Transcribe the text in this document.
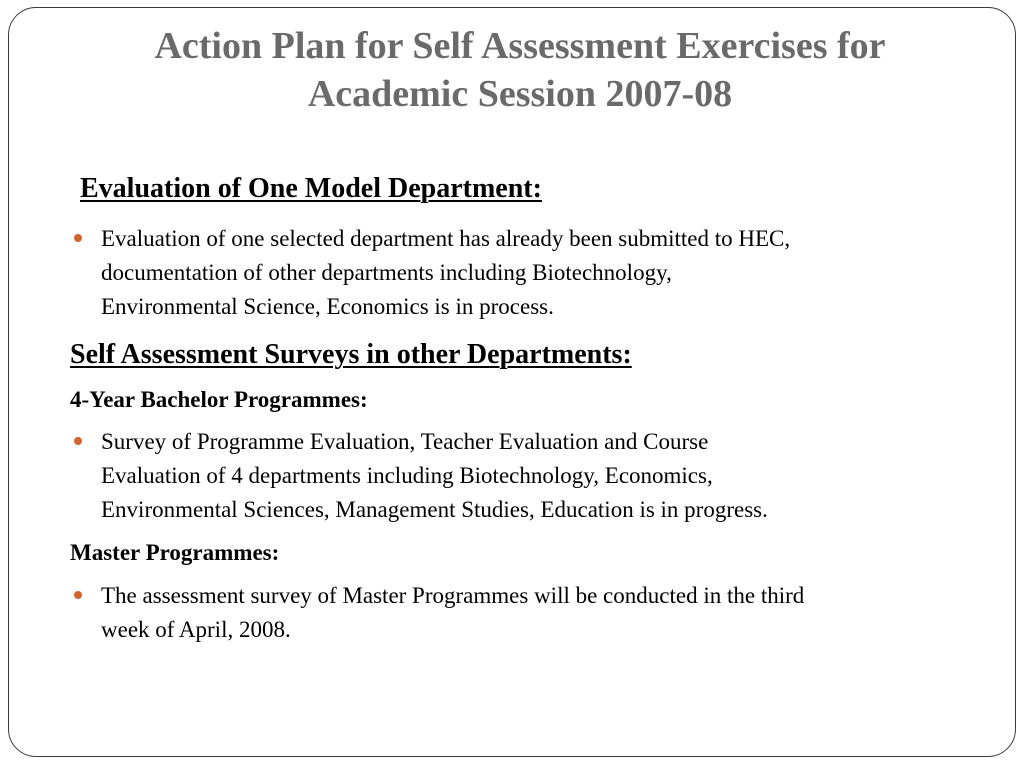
Action Plan for Self Assessment Exercises for
Academic Session 2007-08
Evaluation of One Model Department:
Evaluation of one selected department has already been submitted to HEC,
documentation of other departments including Biotechnology,
Environmental Science, Economics is in process.
Self Assessment Surveys in other Departments:
4-Year Bachelor Programmes:
Survey of Programme Evaluation, Teacher Evaluation and Course
Evaluation of 4 departments including Biotechnology, Economics,
Environmental Sciences, Management Studies, Education is in progress.
Master Programmes:
The assessment survey of Master Programmes will be conducted in the third
week of April, 2008.
